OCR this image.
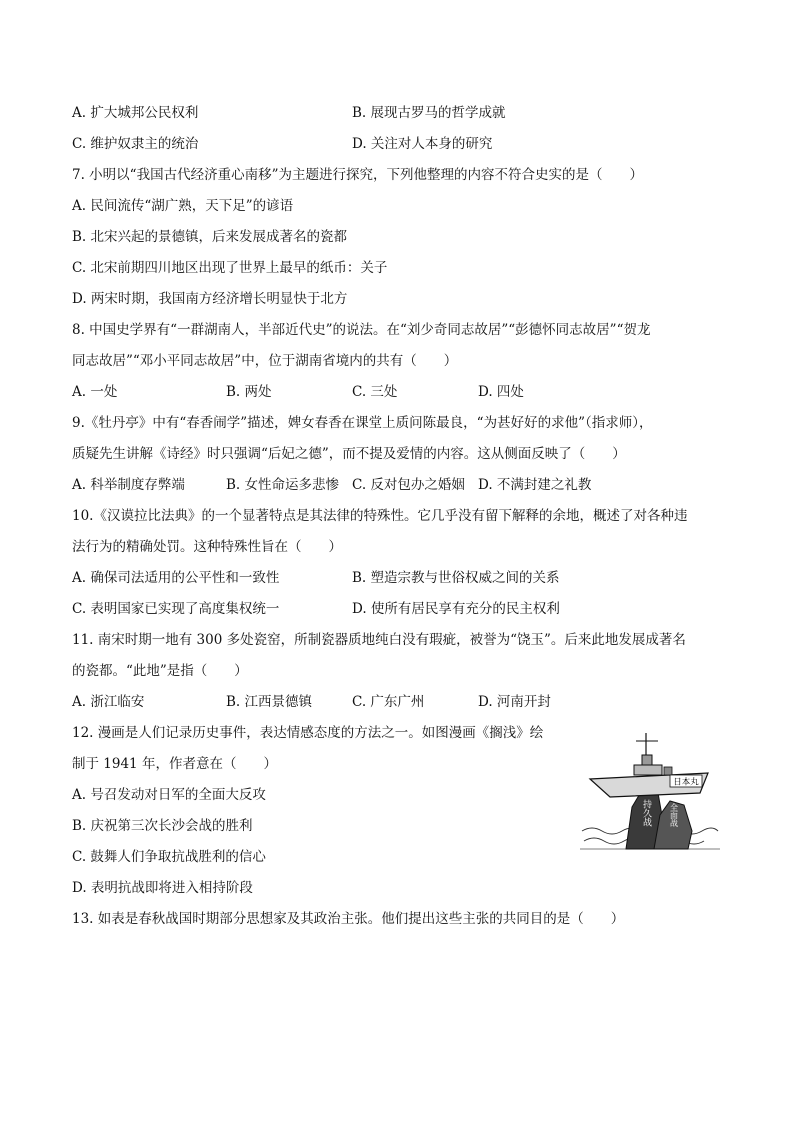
A. 扩大城邦公民权利	B. 展现古罗马的哲学成就
C. 维护奴隶主的统治	D. 关注对人本身的研究
7. 小明以“我国古代经济重心南移”为主题进行探究，下列他整理的内容不符合史实的是（　　）
A. 民间流传“湖广熟，天下足”的谚语
B. 北宋兴起的景德镇，后来发展成著名的瓷都
C. 北宋前期四川地区出现了世界上最早的纸币：关子
D. 两宋时期，我国南方经济增长明显快于北方
8. 中国史学界有“一群湖南人，半部近代史”的说法。在“刘少奇同志故居”“彭德怀同志故居”“贺龙
同志故居”“邓小平同志故居”中，位于湖南省境内的共有（　　）
A. 一处	B. 两处	C. 三处	D. 四处
9.《牡丹亭》中有“春香闹学”描述，婢女春香在课堂上质问陈最良，“为甚好好的求他”（指求师），
质疑先生讲解《诗经》时只强调“后妃之德”，而不提及爱情的内容。这从侧面反映了（　　）
A. 科举制度存弊端	B. 女性命运多悲惨 C. 反对包办之婚姻 D. 不满封建之礼教
10.《汉谟拉比法典》的一个显著特点是其法律的特殊性。它几乎没有留下解释的余地，概述了对各种违
法行为的精确处罚。这种特殊性旨在（　　）
A. 确保司法适用的公平性和一致性	B. 塑造宗教与世俗权威之间的关系
C. 表明国家已实现了高度集权统一	D. 使所有居民享有充分的民主权利
11. 南宋时期一地有 300 多处瓷窑，所制瓷器质地纯白没有瑕疵，被誉为“饶玉”。后来此地发展成著名
的瓷都。“此地”是指（　　）
A. 浙江临安	B. 江西景德镇	C. 广东广州	D. 河南开封
12. 漫画是人们记录历史事件，表达情感态度的方法之一。如图漫画《搁浅》绘
制于 1941 年，作者意在（　　）
A. 号召发动对日军的全面大反攻
B. 庆祝第三次长沙会战的胜利
C. 鼓舞人们争取抗战胜利的信心
D. 表明抗战即将进入相持阶段
日本丸
持久战 全面战
13. 如表是春秋战国时期部分思想家及其政治主张。他们提出这些主张的共同目的是（　　）
